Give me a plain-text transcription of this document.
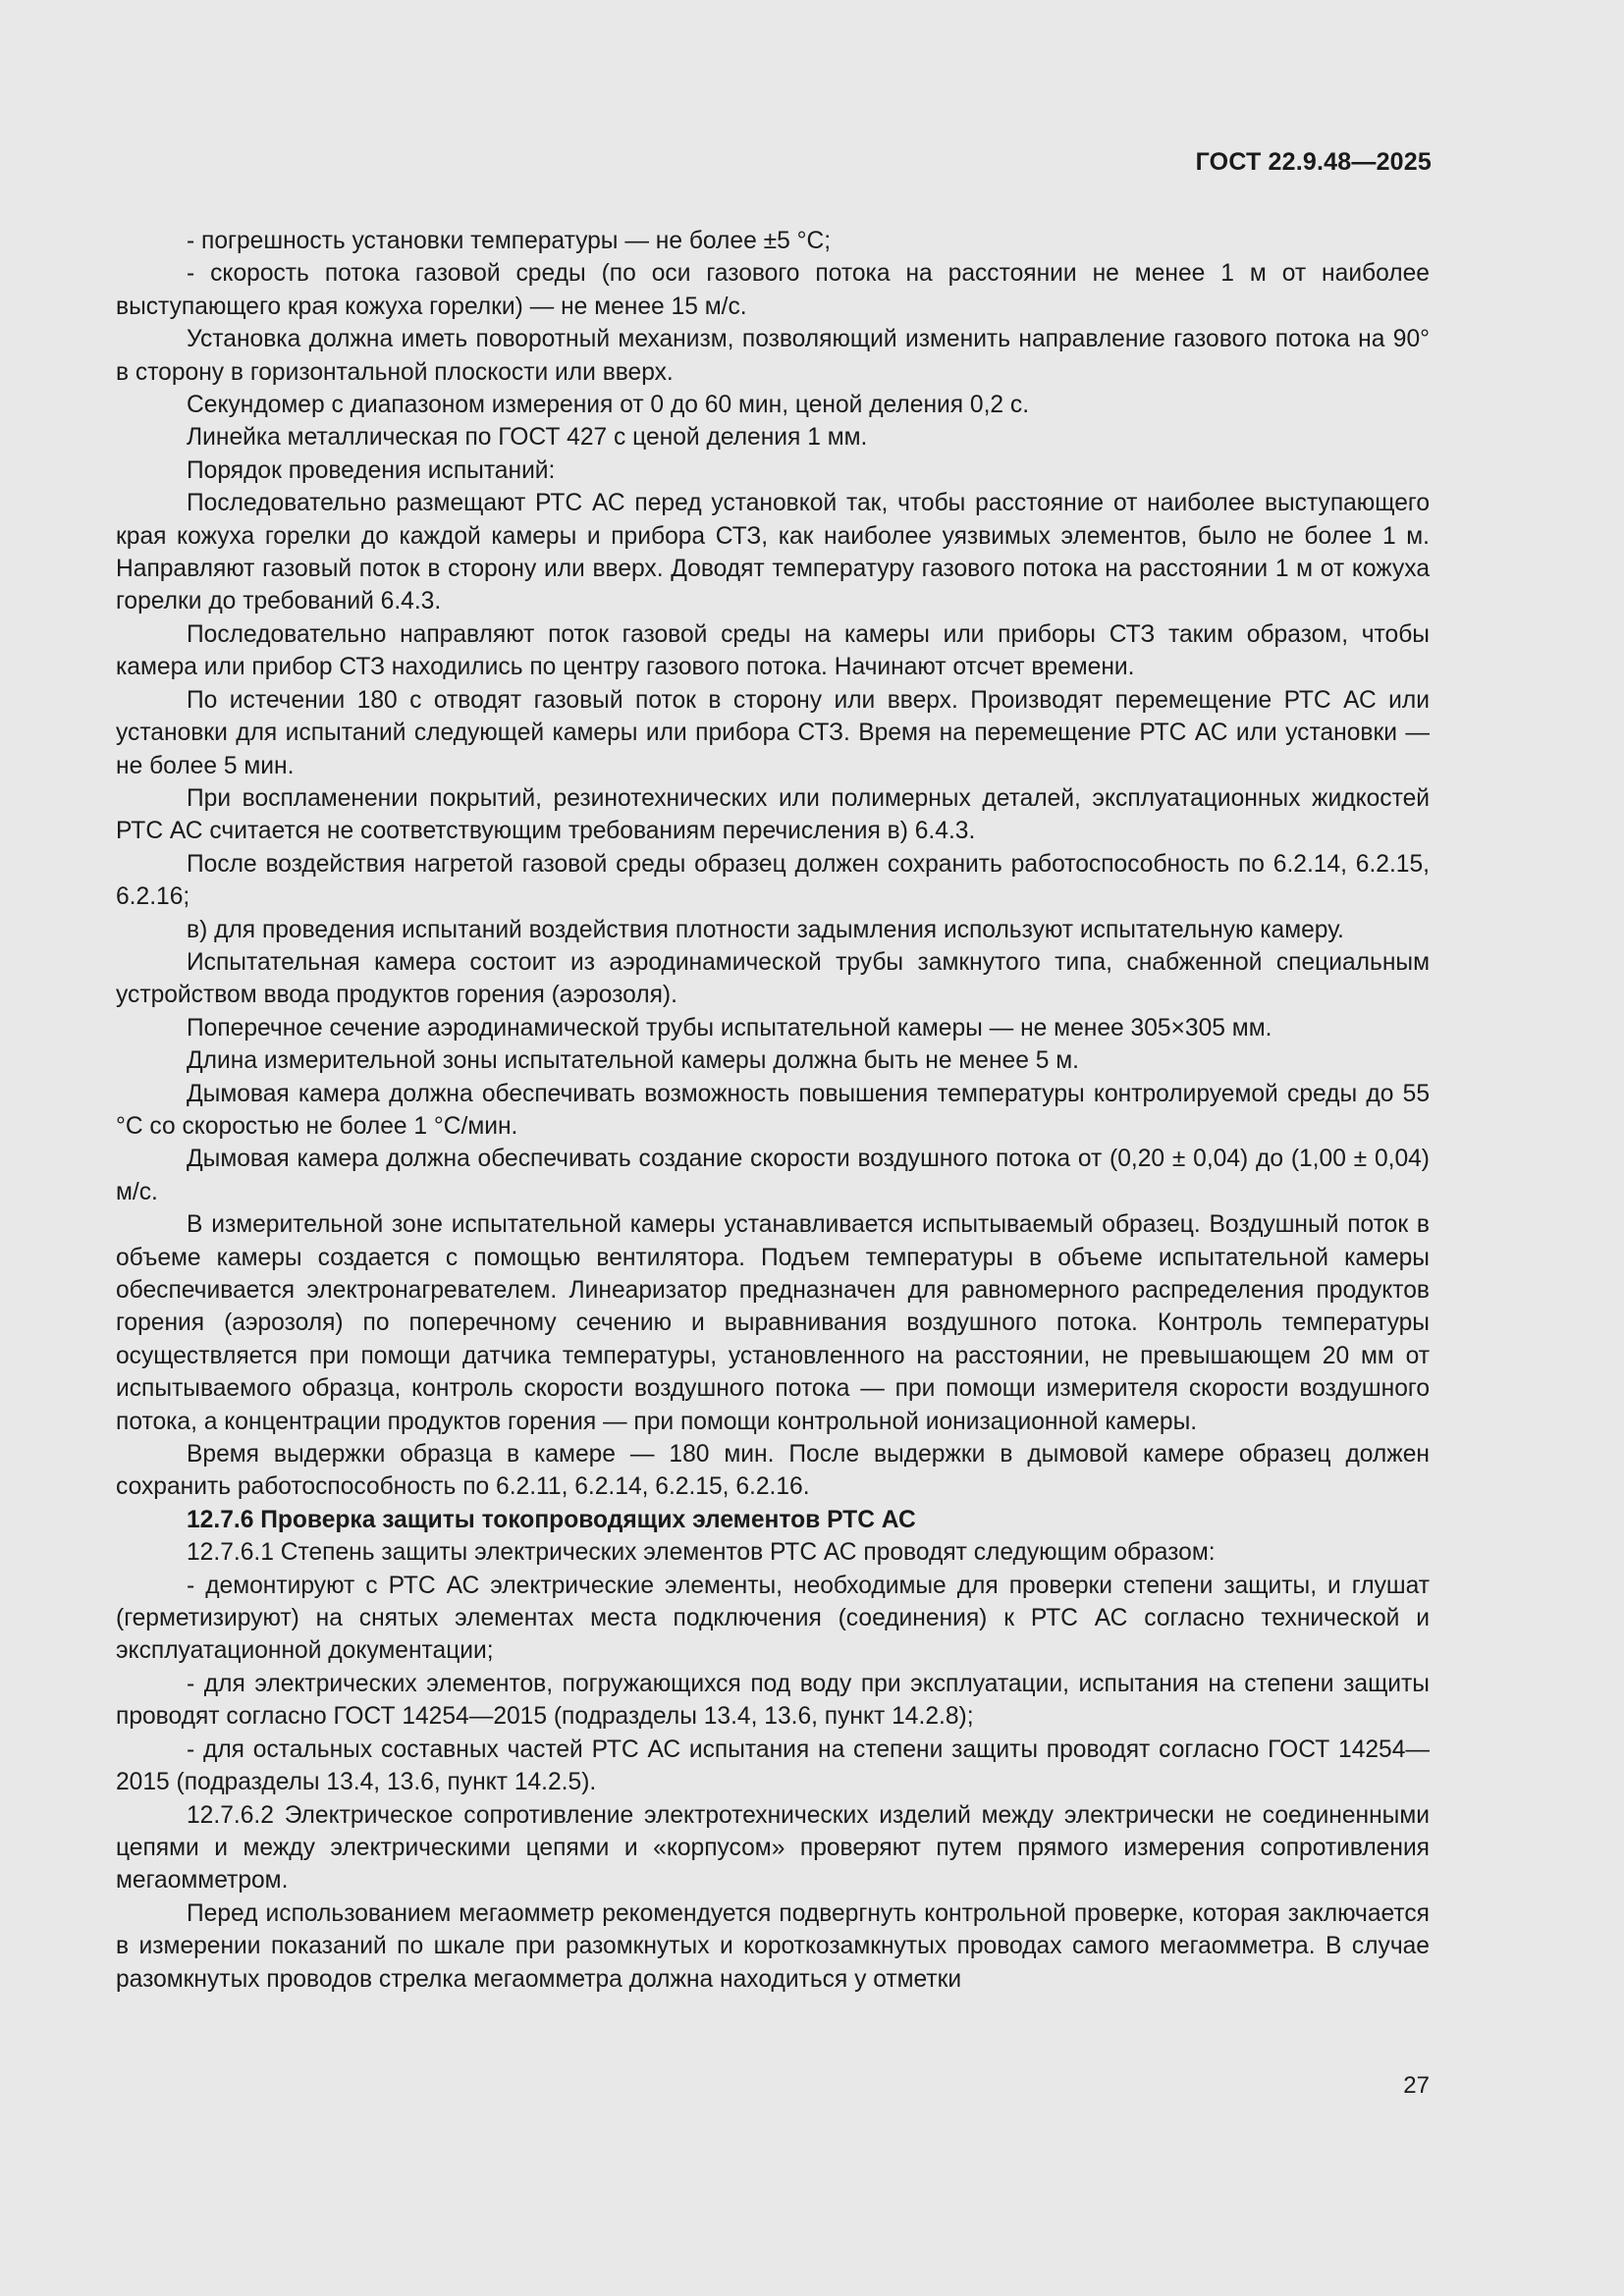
ГОСТ 22.9.48—2025

- погрешность установки температуры — не более ±5 °С;

- скорость потока газовой среды (по оси газового потока на расстоянии не менее 1 м от наиболее выступающего края кожуха горелки) — не менее 15 м/с.

Установка должна иметь поворотный механизм, позволяющий изменить направление газового потока на 90° в сторону в горизонтальной плоскости или вверх.

Секундомер с диапазоном измерения от 0 до 60 мин, ценой деления 0,2 с.

Линейка металлическая по ГОСТ 427 с ценой деления 1 мм.

Порядок проведения испытаний:

Последовательно размещают РТС АС перед установкой так, чтобы расстояние от наиболее выступающего края кожуха горелки до каждой камеры и прибора СТЗ, как наиболее уязвимых элементов, было не более 1 м. Направляют газовый поток в сторону или вверх. Доводят температуру газового потока на расстоянии 1 м от кожуха горелки до требований 6.4.3.

Последовательно направляют поток газовой среды на камеры или приборы СТЗ таким образом, чтобы камера или прибор СТЗ находились по центру газового потока. Начинают отсчет времени.

По истечении 180 с отводят газовый поток в сторону или вверх. Производят перемещение РТС АС или установки для испытаний следующей камеры или прибора СТЗ. Время на перемещение РТС АС или установки — не более 5 мин.

При воспламенении покрытий, резинотехнических или полимерных деталей, эксплуатационных жидкостей РТС АС считается не соответствующим требованиям перечисления в) 6.4.3.

После воздействия нагретой газовой среды образец должен сохранить работоспособность по 6.2.14, 6.2.15, 6.2.16;

в) для проведения испытаний воздействия плотности задымления используют испытательную камеру.

Испытательная камера состоит из аэродинамической трубы замкнутого типа, снабженной специальным устройством ввода продуктов горения (аэрозоля).

Поперечное сечение аэродинамической трубы испытательной камеры — не менее 305×305 мм.

Длина измерительной зоны испытательной камеры должна быть не менее 5 м.

Дымовая камера должна обеспечивать возможность повышения температуры контролируемой среды до 55 °С со скоростью не более 1 °С/мин.

Дымовая камера должна обеспечивать создание скорости воздушного потока от (0,20 ± 0,04) до (1,00 ± 0,04) м/с.

В измерительной зоне испытательной камеры устанавливается испытываемый образец. Воздушный поток в объеме камеры создается с помощью вентилятора. Подъем температуры в объеме испытательной камеры обеспечивается электронагревателем. Линеаризатор предназначен для равномерного распределения продуктов горения (аэрозоля) по поперечному сечению и выравнивания воздушного потока. Контроль температуры осуществляется при помощи датчика температуры, установленного на расстоянии, не превышающем 20 мм от испытываемого образца, контроль скорости воздушного потока — при помощи измерителя скорости воздушного потока, а концентрации продуктов горения — при помощи контрольной ионизационной камеры.

Время выдержки образца в камере — 180 мин. После выдержки в дымовой камере образец должен сохранить работоспособность по 6.2.11, 6.2.14, 6.2.15, 6.2.16.

12.7.6 Проверка защиты токопроводящих элементов РТС АС

12.7.6.1 Степень защиты электрических элементов РТС АС проводят следующим образом:

- демонтируют с РТС АС электрические элементы, необходимые для проверки степени защиты, и глушат (герметизируют) на снятых элементах места подключения (соединения) к РТС АС согласно технической и эксплуатационной документации;

- для электрических элементов, погружающихся под воду при эксплуатации, испытания на степени защиты проводят согласно ГОСТ 14254—2015 (подразделы 13.4, 13.6, пункт 14.2.8);

- для остальных составных частей РТС АС испытания на степени защиты проводят согласно ГОСТ 14254—2015 (подразделы 13.4, 13.6, пункт 14.2.5).

12.7.6.2 Электрическое сопротивление электротехнических изделий между электрически не соединенными цепями и между электрическими цепями и «корпусом» проверяют путем прямого измерения сопротивления мегаомметром.

Перед использованием мегаомметр рекомендуется подвергнуть контрольной проверке, которая заключается в измерении показаний по шкале при разомкнутых и короткозамкнутых проводах самого мегаомметра. В случае разомкнутых проводов стрелка мегаомметра должна находиться у отметки

27
